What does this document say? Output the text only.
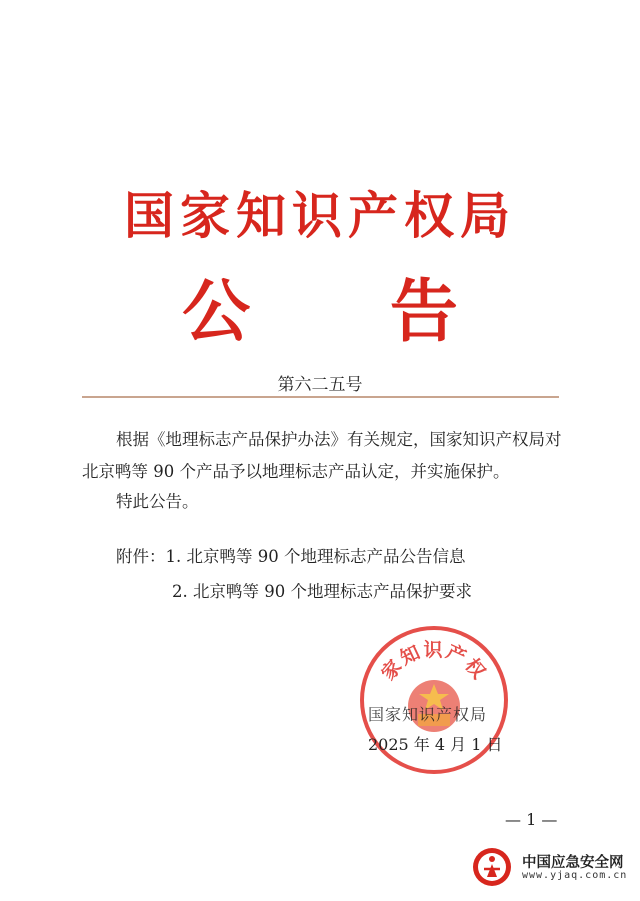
国家知识产权局
公 告
第六二五号
根据《地理标志产品保护办法》有关规定，国家知识产权局对北京鸭等 90 个产品予以地理标志产品认定，并实施保护。
特此公告。
附件：1. 北京鸭等 90 个地理标志产品公告信息
2. 北京鸭等 90 个地理标志产品保护要求
家知识产权
国家知识产权局
2025 年 4 月 1 日
— 1 —
中国应急安全网
www.yjaq.com.cn
